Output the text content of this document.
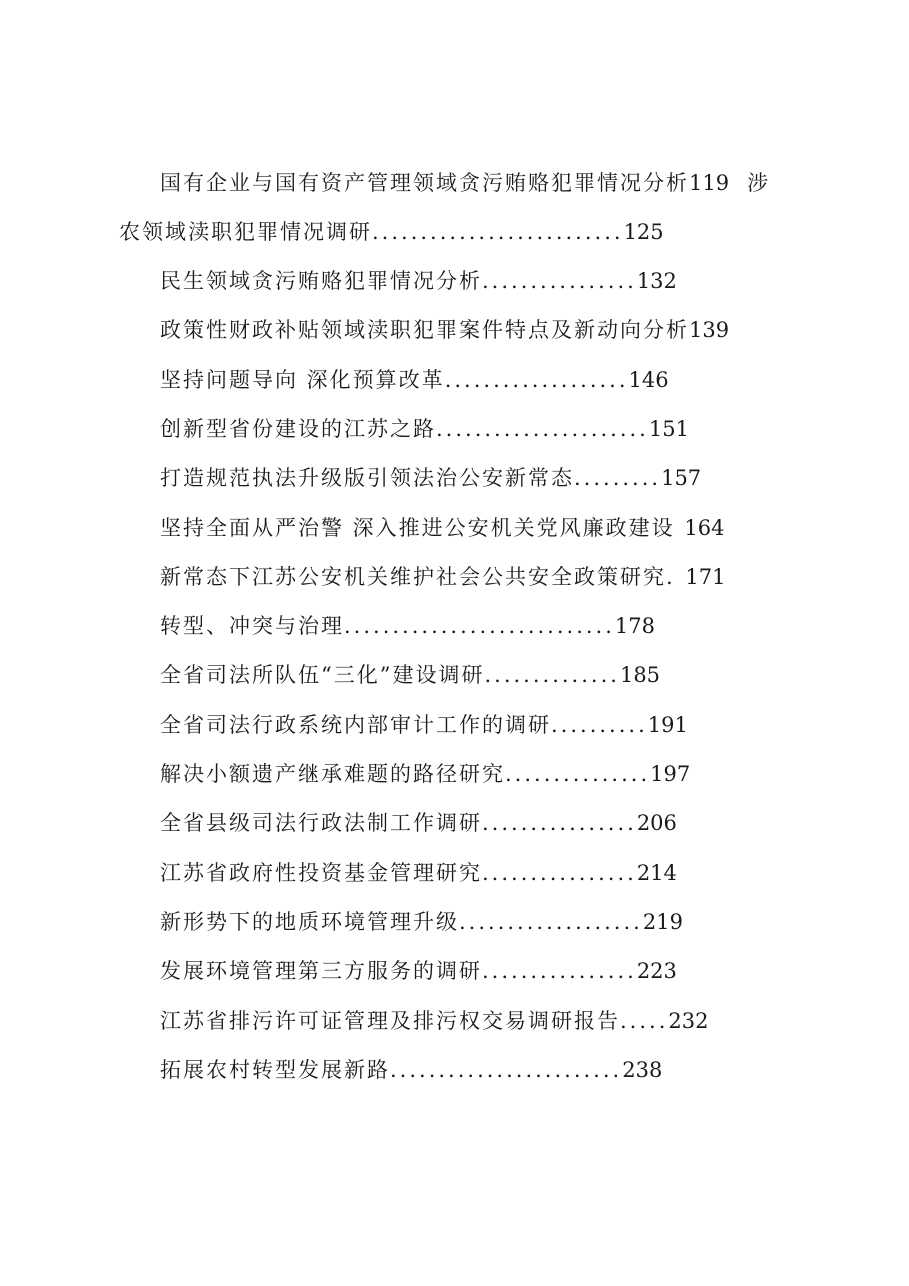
国有企业与国有资产管理领域贪污贿赂犯罪情况分析119 涉
农领域渎职犯罪情况调研..........................125
民生领域贪污贿赂犯罪情况分析................132
政策性财政补贴领域渎职犯罪案件特点及新动向分析139
坚持问题导向 深化预算改革...................146
创新型省份建设的江苏之路......................151
打造规范执法升级版引领法治公安新常态.........157
坚持全面从严治警 深入推进公安机关党风廉政建设 164
新常态下江苏公安机关维护社会公共安全政策研究. 171
转型、冲突与治理............................178
全省司法所队伍“三化”建设调研..............185
全省司法行政系统内部审计工作的调研..........191
解决小额遗产继承难题的路径研究...............197
全省县级司法行政法制工作调研................206
江苏省政府性投资基金管理研究................214
新形势下的地质环境管理升级...................219
发展环境管理第三方服务的调研................223
江苏省排污许可证管理及排污权交易调研报告.....232
拓展农村转型发展新路........................238
